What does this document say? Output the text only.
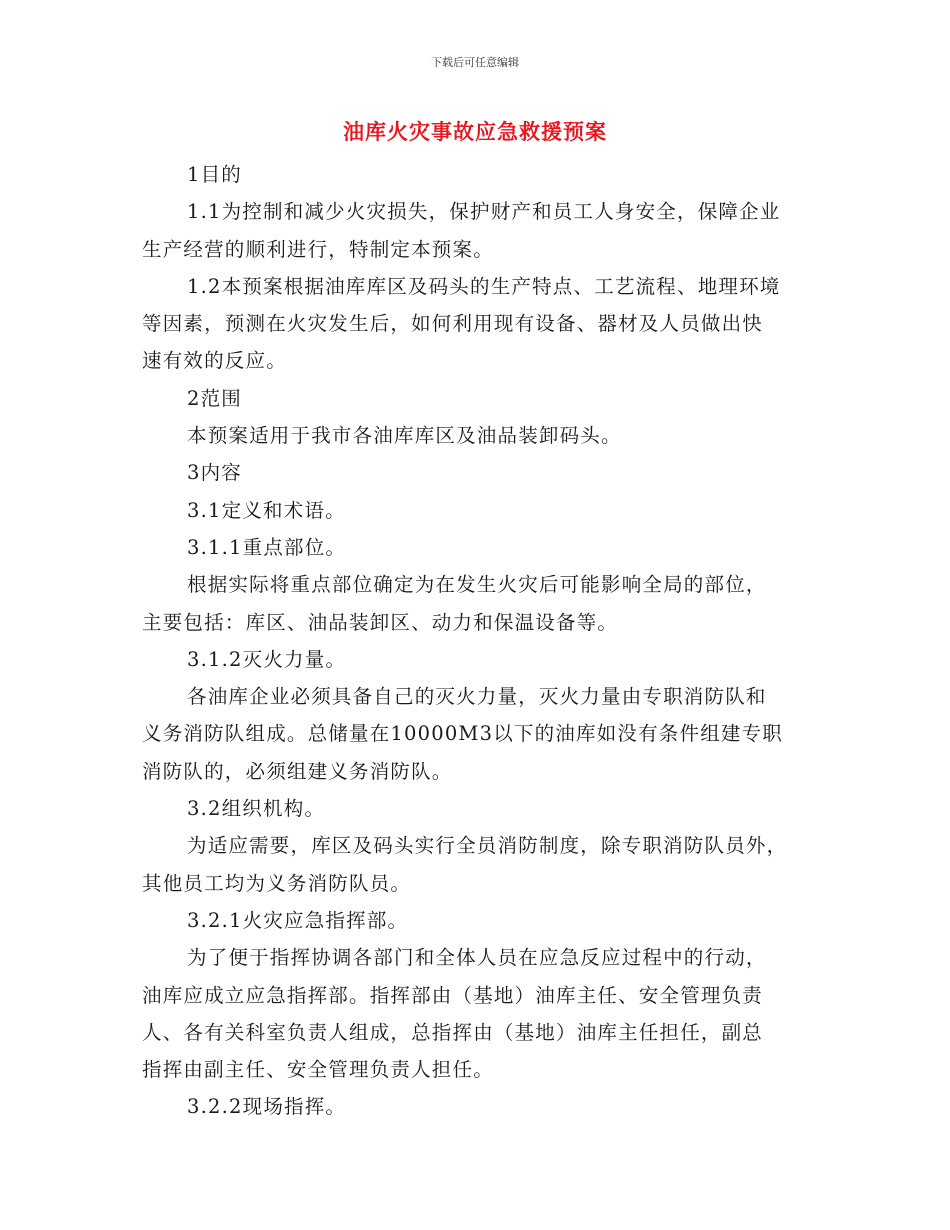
下载后可任意编辑
油库火灾事故应急救援预案

1目的

1.1为控制和减少火灾损失，保护财产和员工人身安全，保障企业

生产经营的顺利进行，特制定本预案。

1.2本预案根据油库库区及码头的生产特点、工艺流程、地理环境

等因素，预测在火灾发生后，如何利用现有设备、器材及人员做出快

速有效的反应。

2范围

本预案适用于我市各油库库区及油品装卸码头。

3内容

3.1定义和术语。

3.1.1重点部位。

根据实际将重点部位确定为在发生火灾后可能影响全局的部位，

主要包括：库区、油品装卸区、动力和保温设备等。

3.1.2灭火力量。

各油库企业必须具备自己的灭火力量，灭火力量由专职消防队和

义务消防队组成。总储量在10000M3以下的油库如没有条件组建专职

消防队的，必须组建义务消防队。

3.2组织机构。

为适应需要，库区及码头实行全员消防制度，除专职消防队员外，

其他员工均为义务消防队员。

3.2.1火灾应急指挥部。

为了便于指挥协调各部门和全体人员在应急反应过程中的行动，

油库应成立应急指挥部。指挥部由（基地）油库主任、安全管理负责

人、各有关科室负责人组成，总指挥由（基地）油库主任担任，副总

指挥由副主任、安全管理负责人担任。

3.2.2现场指挥。
